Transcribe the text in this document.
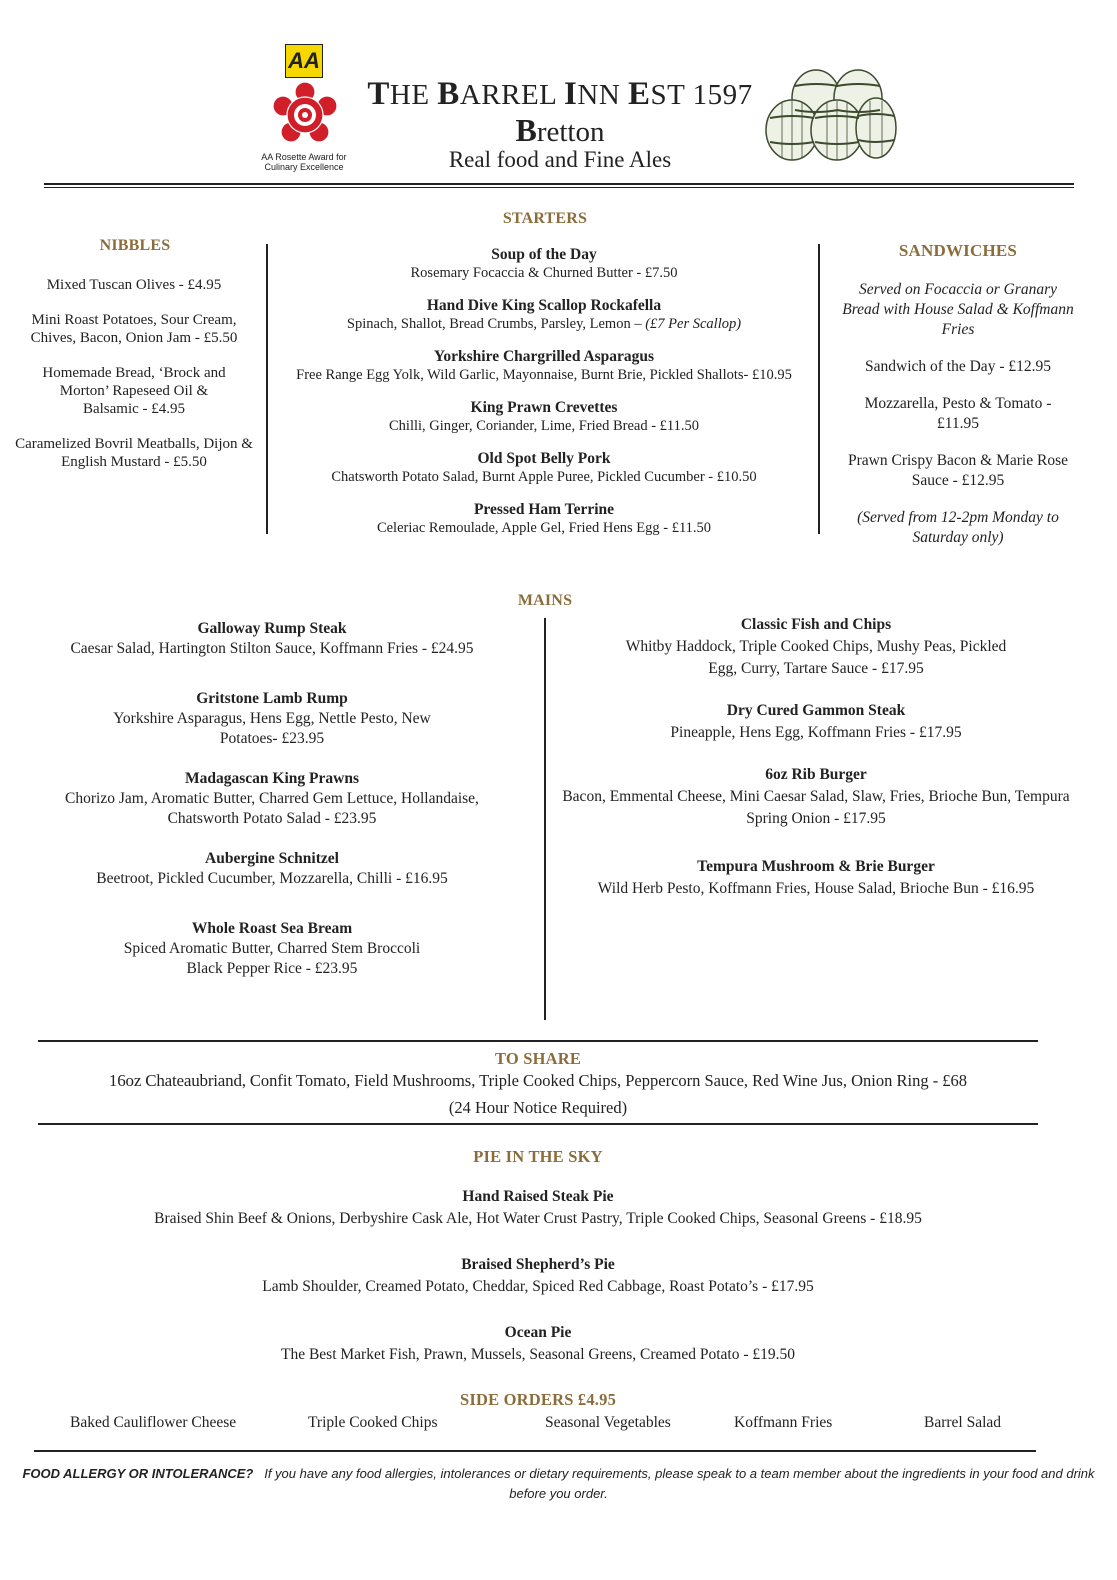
AA
AA Rosette Award for
Culinary Excellence
THE BARREL INN EST 1597
Bretton
Real food and Fine Ales
STARTERS
Soup of the Day
Rosemary Focaccia & Churned Butter - £7.50
Hand Dive King Scallop Rockafella
Spinach, Shallot, Bread Crumbs, Parsley, Lemon – (£7 Per Scallop)
Yorkshire Chargrilled Asparagus
Free Range Egg Yolk, Wild Garlic, Mayonnaise, Burnt Brie, Pickled Shallots- £10.95
King Prawn Crevettes
Chilli, Ginger, Coriander, Lime, Fried Bread - £11.50
Old Spot Belly Pork
Chatsworth Potato Salad, Burnt Apple Puree, Pickled Cucumber - £10.50
Pressed Ham Terrine
Celeriac Remoulade, Apple Gel, Fried Hens Egg - £11.50
NIBBLES
Mixed Tuscan Olives - £4.95
Mini Roast Potatoes, Sour Cream, Chives, Bacon, Onion Jam - £5.50
Homemade Bread, ‘Brock and Morton’ Rapeseed Oil & Balsamic - £4.95
Caramelized Bovril Meatballs, Dijon & English Mustard - £5.50
SANDWICHES
Served on Focaccia or Granary Bread with House Salad & Koffmann Fries
Sandwich of the Day - £12.95
Mozzarella, Pesto & Tomato - £11.95
Prawn Crispy Bacon & Marie Rose Sauce - £12.95
(Served from 12-2pm Monday to Saturday only)
MAINS
Galloway Rump Steak
Caesar Salad, Hartington Stilton Sauce, Koffmann Fries - £24.95
Gritstone Lamb Rump
Yorkshire Asparagus, Hens Egg, Nettle Pesto, New Potatoes- £23.95
Madagascan King Prawns
Chorizo Jam, Aromatic Butter, Charred Gem Lettuce, Hollandaise, Chatsworth Potato Salad - £23.95
Aubergine Schnitzel
Beetroot, Pickled Cucumber, Mozzarella, Chilli - £16.95
Whole Roast Sea Bream
Spiced Aromatic Butter, Charred Stem Broccoli Black Pepper Rice - £23.95
Classic Fish and Chips
Whitby Haddock, Triple Cooked Chips, Mushy Peas, Pickled Egg, Curry, Tartare Sauce - £17.95
Dry Cured Gammon Steak
Pineapple, Hens Egg, Koffmann Fries - £17.95
6oz Rib Burger
Bacon, Emmental Cheese, Mini Caesar Salad, Slaw, Fries, Brioche Bun, Tempura Spring Onion - £17.95
Tempura Mushroom & Brie Burger
Wild Herb Pesto, Koffmann Fries, House Salad, Brioche Bun - £16.95
TO SHARE
16oz Chateaubriand, Confit Tomato, Field Mushrooms, Triple Cooked Chips, Peppercorn Sauce, Red Wine Jus, Onion Ring - £68
(24 Hour Notice Required)
PIE IN THE SKY
Hand Raised Steak Pie
Braised Shin Beef & Onions, Derbyshire Cask Ale, Hot Water Crust Pastry, Triple Cooked Chips, Seasonal Greens - £18.95
Braised Shepherd’s Pie
Lamb Shoulder, Creamed Potato, Cheddar, Spiced Red Cabbage, Roast Potato’s - £17.95
Ocean Pie
The Best Market Fish, Prawn, Mussels, Seasonal Greens, Creamed Potato - £19.50
SIDE ORDERS £4.95
Baked Cauliflower Cheese	Triple Cooked Chips	Seasonal Vegetables	Koffmann Fries	Barrel Salad
FOOD ALLERGY OR INTOLERANCE? If you have any food allergies, intolerances or dietary requirements, please speak to a team member about the ingredients in your food and drink before you order.
